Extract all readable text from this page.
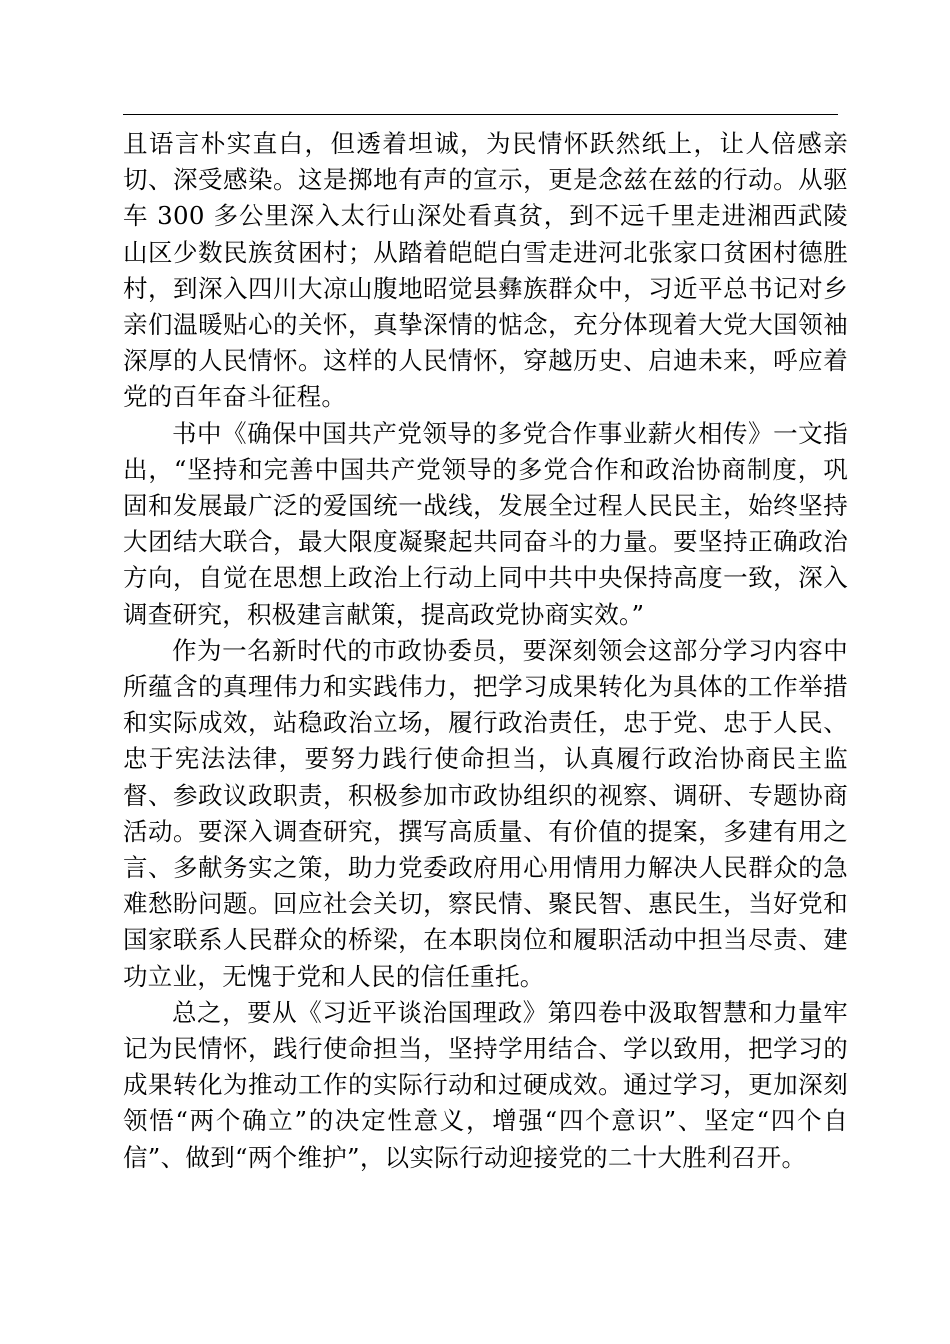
且语言朴实直白，但透着坦诚，为民情怀跃然纸上，让人倍感亲切、深受感染。这是掷地有声的宣示，更是念兹在兹的行动。从驱车 300 多公里深入太行山深处看真贫，到不远千里走进湘西武陵山区少数民族贫困村；从踏着皑皑白雪走进河北张家口贫困村德胜村，到深入四川大凉山腹地昭觉县彝族群众中，习近平总书记对乡亲们温暖贴心的关怀，真挚深情的惦念，充分体现着大党大国领袖深厚的人民情怀。这样的人民情怀，穿越历史、启迪未来，呼应着党的百年奋斗征程。

书中《确保中国共产党领导的多党合作事业薪火相传》一文指出，“坚持和完善中国共产党领导的多党合作和政治协商制度，巩固和发展最广泛的爱国统一战线，发展全过程人民民主，始终坚持大团结大联合，最大限度凝聚起共同奋斗的力量。要坚持正确政治方向，自觉在思想上政治上行动上同中共中央保持高度一致，深入调查研究，积极建言献策，提高政党协商实效。”

作为一名新时代的市政协委员，要深刻领会这部分学习内容中所蕴含的真理伟力和实践伟力，把学习成果转化为具体的工作举措和实际成效，站稳政治立场，履行政治责任，忠于党、忠于人民、忠于宪法法律，要努力践行使命担当，认真履行政治协商民主监督、参政议政职责，积极参加市政协组织的视察、调研、专题协商活动。要深入调查研究，撰写高质量、有价值的提案，多建有用之言、多献务实之策，助力党委政府用心用情用力解决人民群众的急难愁盼问题。回应社会关切，察民情、聚民智、惠民生，当好党和国家联系人民群众的桥梁，在本职岗位和履职活动中担当尽责、建功立业，无愧于党和人民的信任重托。

总之，要从《习近平谈治国理政》第四卷中汲取智慧和力量牢记为民情怀，践行使命担当，坚持学用结合、学以致用，把学习的成果转化为推动工作的实际行动和过硬成效。通过学习，更加深刻领悟“两个确立”的决定性意义，增强“四个意识”、坚定“四个自信”、做到“两个维护”，以实际行动迎接党的二十大胜利召开。
